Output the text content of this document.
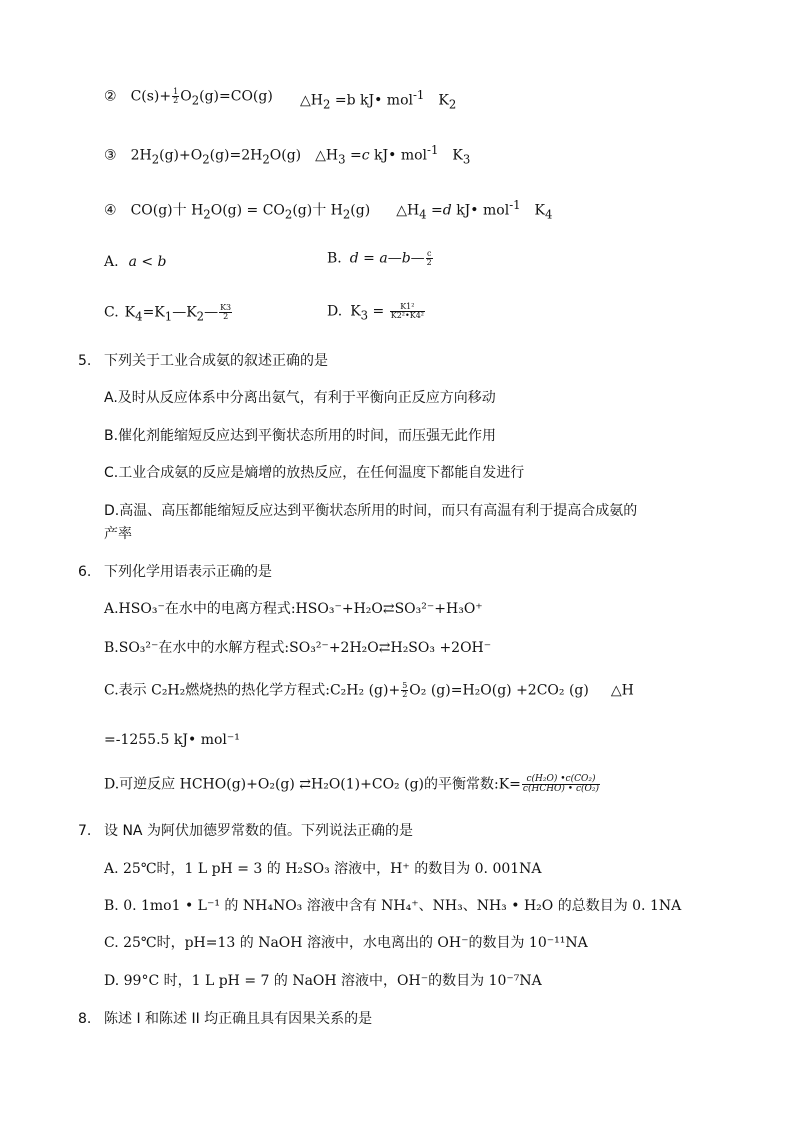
② $C(s)+ \frac{1}{2} O_2(g)=CO(g)$ $\triangle H_2 =b$ kJ• mol$^{-1}$ $K_2$
③ $2H_2(g)+O_2(g)=2H_2O(g)$ $\triangle H_3 =c$ kJ• mol$^{-1}$ $K_3$
④ CO(g)十 $H_2O(g) = CO_2(g)$十 $H_2(g)$ $\triangle H_4 =d$ kJ• mol$^{-1}$ $K_4$
A. a < b	B. d = a—b— $\frac{c}{2}$
C. $K_4=K_1—K_2— \frac{K3}{2}$	D. $K_3 = \frac{\text{K1²}}{\text{K2²•K4²}}$
5. 下列关于工业合成氨的叙述正确的是
A.及时从反应体系中分离出氨气，有利于平衡向正反应方向移动
B.催化剂能缩短反应达到平衡状态所用的时间，而压强无此作用
C.工业合成氨的反应是熵增的放热反应，在任何温度下都能自发进行
D.高温、高压都能缩短反应达到平衡状态所用的时间，而只有高温有利于提高合成氨的
产率
6. 下列化学用语表示正确的是
A.HSO₃⁻在水中的电离方程式:HSO₃⁻+H₂O⇄SO₃²⁻+H₃O⁺
B.SO₃²⁻在水中的水解方程式:SO₃²⁻+2H₂O⇄H₂SO₃ +2OH⁻
C.表示 C₂H₂燃烧热的热化学方程式:C₂H₂ $(g)+ \frac{5}{2} O_2$ (g)=H₂O(g) +2CO₂ (g) △H
=-1255.5 kJ• mol⁻¹
D.可逆反应 HCHO(g)+O₂(g) ⇄H₂O(1)+CO₂ (g)的平衡常数:K= $\frac{\text{c(H₂O) •c(CO₂)}}{\text{c(HCHO) • c(O₂)}}$
7. 设 NA 为阿伏加德罗常数的值。下列说法正确的是
A. 25℃时，1 L pH = 3 的 H₂SO₃ 溶液中，H⁺ 的数目为 0. 001NA
B. 0. 1mo1 • L⁻¹ 的 NH₄NO₃ 溶液中含有 NH₄⁺、NH₃、NH₃ • H₂O 的总数目为 0. 1NA
C. 25℃时，pH=13 的 NaOH 溶液中，水电离出的 OH⁻的数目为 10⁻¹¹NA
D. 99°C 时，1 L pH = 7 的 NaOH 溶液中，OH⁻的数目为 10⁻⁷NA
8. 陈述 I 和陈述 II 均正确且具有因果关系的是
